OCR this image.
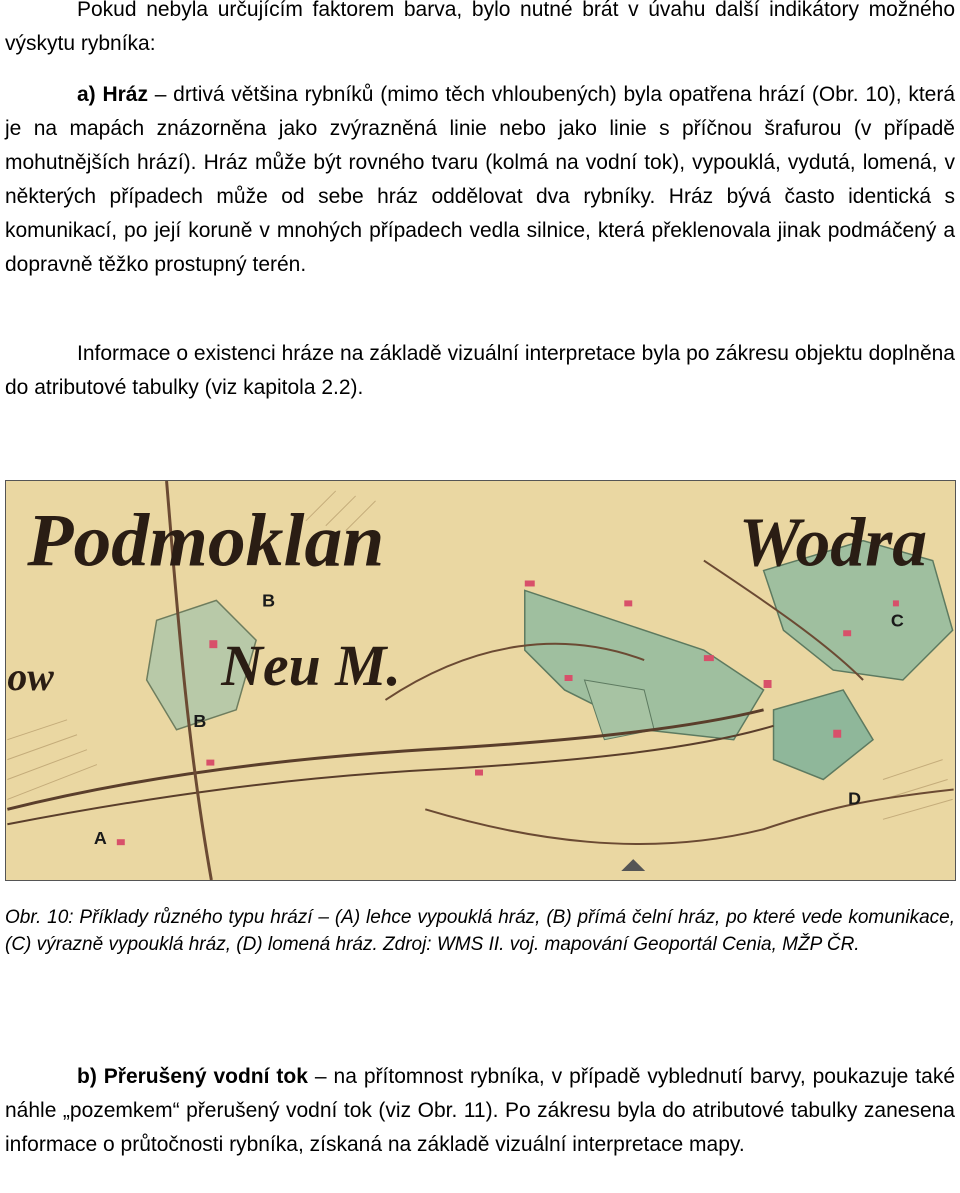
Pokud nebyla určujícím faktorem barva, bylo nutné brát v úvahu další indikátory možného výskytu rybníka:

a) Hráz – drtivá většina rybníků (mimo těch vhloubených) byla opatřena hrází (Obr. 10), která je na mapách znázorněna jako zvýrazněná linie nebo jako linie s příčnou šrafurou (v případě mohutnějších hrází). Hráz může být rovného tvaru (kolmá na vodní tok), vypouklá, vydutá, lomená, v některých případech může od sebe hráz oddělovat dva rybníky. Hráz bývá často identická s komunikací, po její koruně v mnohých případech vedla silnice, která překlenovala jinak podmáčený a dopravně těžko prostupný terén.

Informace o existenci hráze na základě vizuální interpretace byla po zákresu objektu doplněna do atributové tabulky (viz kapitola 2.2).

Podmoklan	Wodra
Neu M.
ow
A
B
B
C
D

Obr. 10: Příklady různého typu hrází – (A) lehce vypouklá hráz, (B) přímá čelní hráz, po které vede komunikace, (C) výrazně vypouklá hráz, (D) lomená hráz. Zdroj: WMS II. voj. mapování Geoportál Cenia, MŽP ČR.

b) Přerušený vodní tok – na přítomnost rybníka, v případě vyblednutí barvy, poukazuje také náhle „pozemkem“ přerušený vodní tok (viz Obr. 11). Po zákresu byla do atributové tabulky zanesena informace o průtočnosti rybníka, získaná na základě vizuální interpretace mapy.
